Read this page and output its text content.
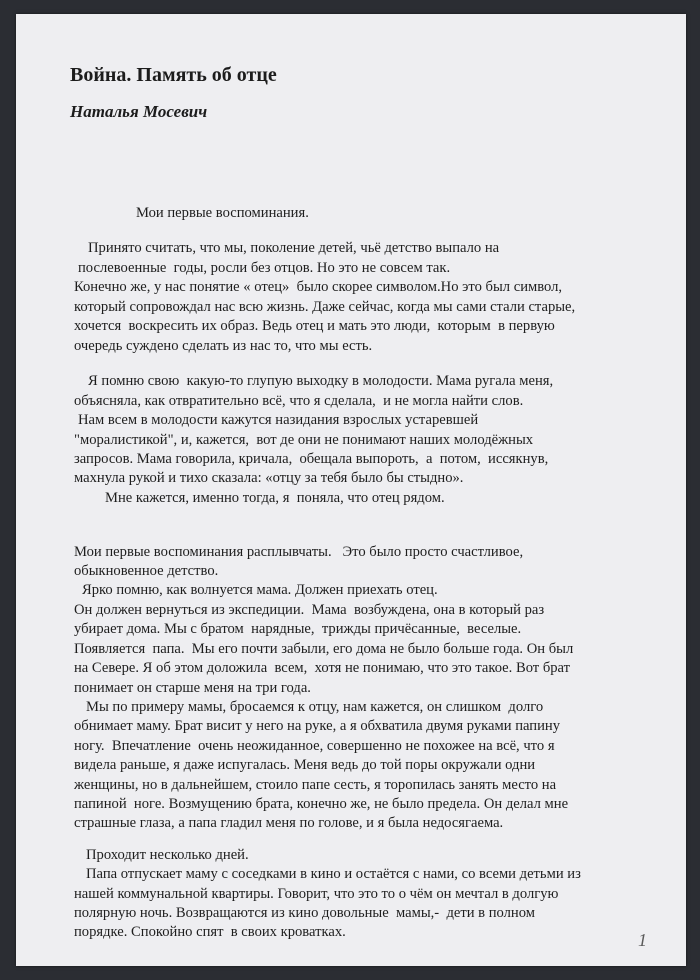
Война. Память об отце
Наталья Мосевич
Мои первые воспоминания.
Принято считать, что мы, поколение детей, чьё детство выпало на
послевоенные  годы, росли без отцов. Но это не совсем так.
Конечно же, у нас понятие « отец»  было скорее символом.Но это был символ,
который сопровождал нас всю жизнь. Даже сейчас, когда мы сами стали старые,
хочется  воскресить их образ. Ведь отец и мать это люди,  которым  в первую
очередь суждено сделать из нас то, что мы есть.
Я помню свою  какую-то глупую выходку в молодости. Мама ругала меня,
объясняла, как отвратительно всё, что я сделала,  и не могла найти слов.
Нам всем в молодости кажутся назидания взрослых устаревшей
"моралистикой", и, кажется,  вот де они не понимают наших молодёжных
запросов. Мама говорила, кричала,  обещала выпороть,  а  потом,  иссякнув,
махнула рукой и тихо сказала: «отцу за тебя было бы стыдно».
Мне кажется, именно тогда, я  поняла, что отец рядом.
Мои первые воспоминания расплывчаты.   Это было просто счастливое,
обыкновенное детство.
Ярко помню, как волнуется мама. Должен приехать отец.
Он должен вернуться из экспедиции.  Мама  возбуждена, она в который раз
убирает дома. Мы с братом  нарядные,  трижды причёсанные,  веселые.
Появляется  папа.  Мы его почти забыли, его дома не было больше года. Он был
на Севере. Я об этом доложила  всем,  хотя не понимаю, что это такое. Вот брат
понимает он старше меня на три года.
Мы по примеру мамы, бросаемся к отцу, нам кажется, он слишком  долго
обнимает маму. Брат висит у него на руке, а я обхватила двумя руками папину
ногу.  Впечатление  очень неожиданное, совершенно не похожее на всё, что я
видела раньше, я даже испугалась. Меня ведь до той поры окружали одни
женщины, но в дальнейшем, стоило папе сесть, я торопилась занять место на
папиной  ноге. Возмущению брата, конечно же, не было предела. Он делал мне
страшные глаза, а папа гладил меня по голове, и я была недосягаема.
Проходит несколько дней.
Папа отпускает маму с соседками в кино и остаётся с нами, со всеми детьми из
нашей коммунальной квартиры. Говорит, что это то о чём он мечтал в долгую
полярную ночь. Возвращаются из кино довольные  мамы,-  дети в полном
порядке. Спокойно спят  в своих кроватках.	1
